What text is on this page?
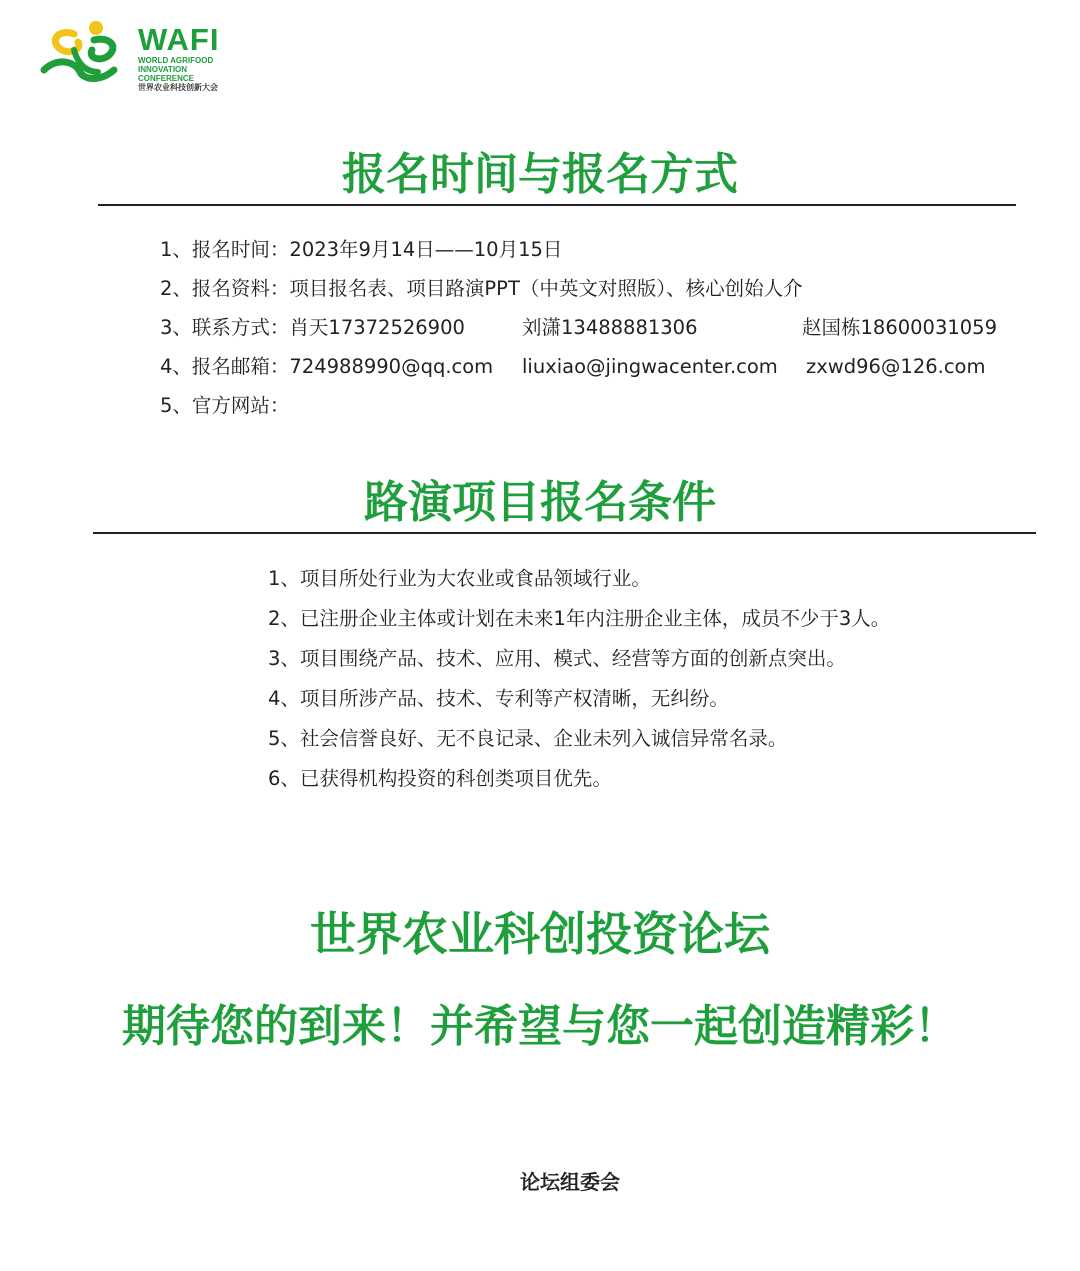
WAFI
WORLD AGRIFOOD
INNOVATION CONFERENCE
世界农业科技创新大会
报名时间与报名方式
1、报名时间：2023年9月14日——10月15日
2、报名资料：项目报名表、项目路演PPT（中英文对照版）、核心创始人介
3、联系方式：肖天17372526900	刘潇13488881306	赵国栋18600031059
4、报名邮箱：724988990@qq.com liuxiao@jingwacenter.com zxwd96@126.com
5、官方网站：
路演项目报名条件
1、项目所处行业为大农业或食品领域行业。
2、已注册企业主体或计划在未来1年内注册企业主体，成员不少于3人。
3、项目围绕产品、技术、应用、模式、经营等方面的创新点突出。
4、项目所涉产品、技术、专利等产权清晰，无纠纷。
5、社会信誉良好、无不良记录、企业未列入诚信异常名录。
6、已获得机构投资的科创类项目优先。
世界农业科创投资论坛
期待您的到来！并希望与您一起创造精彩！
论坛组委会
